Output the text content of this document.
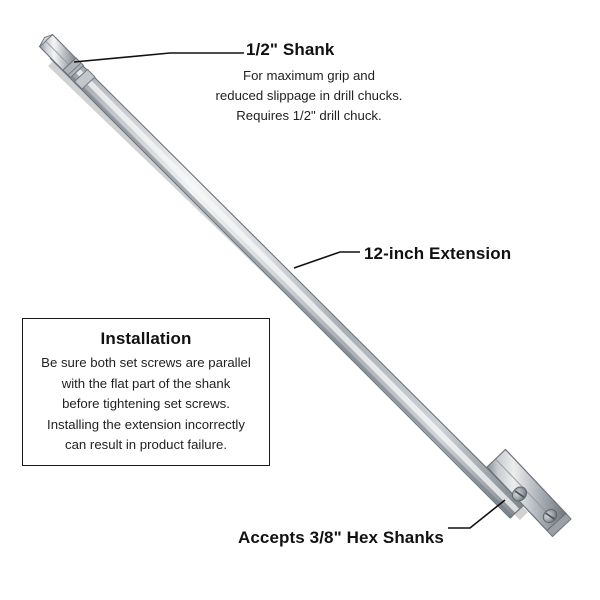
1/2" Shank
For maximum grip and
reduced slippage in drill chucks.
Requires 1/2" drill chuck.
12-inch Extension
Installation
Be sure both set screws are parallel
with the flat part of the shank
before tightening set screws.
Installing the extension incorrectly
can result in product failure.
Accepts 3/8" Hex Shanks
